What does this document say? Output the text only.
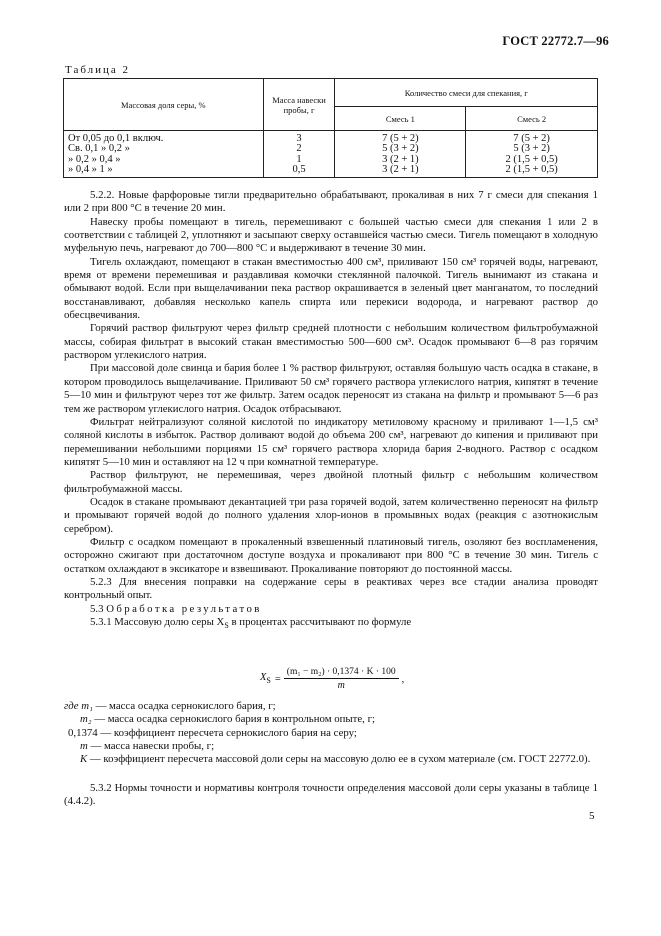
ГОСТ 22772.7—96
Таблица 2
Массовая доля серы, %	Масса навески пробы, г	Количество смеси для спекания, г	
		Смесь 1	Смесь 2
От 0,05 до 0,1 включ.	3	7 (5 + 2)	7 (5 + 2)
Св. 0,1 » 0,2 »	2	5 (3 + 2)	5 (3 + 2)
» 0,2 » 0,4 »	1	3 (2 + 1)	2 (1,5 + 0,5)
» 0,4 » 1 »	0,5	3 (2 + 1)	2 (1,5 + 0,5)

5.2.2. Новые фарфоровые тигли предварительно обрабатывают, прокаливая в них 7 г смеси для спекания 1 или 2 при 800 °С в течение 20 мин.

Навеску пробы помещают в тигель, перемешивают с большей частью смеси для спекания 1 или 2 в соответствии с таблицей 2, уплотняют и засыпают сверху оставшейся частью смеси. Тигель помещают в холодную муфельную печь, нагревают до 700—800 °С и выдерживают в течение 30 мин.

Тигель охлаждают, помещают в стакан вместимостью 400 см³, приливают 150 см³ горячей воды, нагревают, время от времени перемешивая и раздавливая комочки стеклянной палочкой. Тигель вынимают из стакана и обмывают водой. Если при выщелачивании пека раствор окрашивается в зеленый цвет манганатом, то последний восстанавливают, добавляя несколько капель спирта или перекиси водорода, и нагревают раствор до обесцвечивания.

Горячий раствор фильтруют через фильтр средней плотности с небольшим количеством фильтробумажной массы, собирая фильтрат в высокий стакан вместимостью 500—600 см³. Осадок промывают 6—8 раз горячим раствором углекислого натрия.

При массовой доле свинца и бария более 1 % раствор фильтруют, оставляя большую часть осадка в стакане, в котором проводилось выщелачивание. Приливают 50 см³ горячего раствора углекислого натрия, кипятят в течение 5—10 мин и фильтруют через тот же фильтр. Затем осадок переносят из стакана на фильтр и промывают 5—6 раз тем же раствором углекислого натрия. Осадок отбрасывают.

Фильтрат нейтрализуют соляной кислотой по индикатору метиловому красному и приливают 1—1,5 см³ соляной кислоты в избыток. Раствор доливают водой до объема 200 см³, нагревают до кипения и приливают при перемешивании небольшими порциями 15 см³ горячего раствора хлорида бария 2-водного. Раствор с осадком кипятят 5—10 мин и оставляют на 12 ч при комнатной температуре.

Раствор фильтруют, не перемешивая, через двойной плотный фильтр с небольшим количеством фильтробумажной массы.

Осадок в стакане промывают декантацией три раза горячей водой, затем количественно переносят на фильтр и промывают горячей водой до полного удаления хлор-ионов в промывных водах (реакция с азотнокислым серебром).

Фильтр с осадком помещают в прокаленный взвешенный платиновый тигель, озоляют без воспламенения, осторожно сжигают при достаточном доступе воздуха и прокаливают при 800 °С в течение 30 мин. Тигель с остатком охлаждают в эксикаторе и взвешивают. Прокаливание повторяют до постоянной массы.

5.2.3 Для внесения поправки на содержание серы в реактивах через все стадии анализа проводят контрольный опыт.

5.3 Обработка результатов

5.3.1 Массовую долю серы $X_S$ в процентах рассчитывают по формуле

$X_S = \frac{\text{(m₁ − m₂) · 0,1374 · K · 100}}{m}$ ,

где m₁ — масса осадка сернокислого бария, г;

m₂ — масса осадка сернокислого бария в контрольном опыте, г;

0,1374 — коэффициент пересчета сернокислого бария на серу;

m — масса навески пробы, г;

K — коэффициент пересчета массовой доли серы на массовую долю ее в сухом материале (см. ГОСТ 22772.0).

5.3.2 Нормы точности и нормативы контроля точности определения массовой доли серы указаны в таблице 1 (4.4.2).

5
